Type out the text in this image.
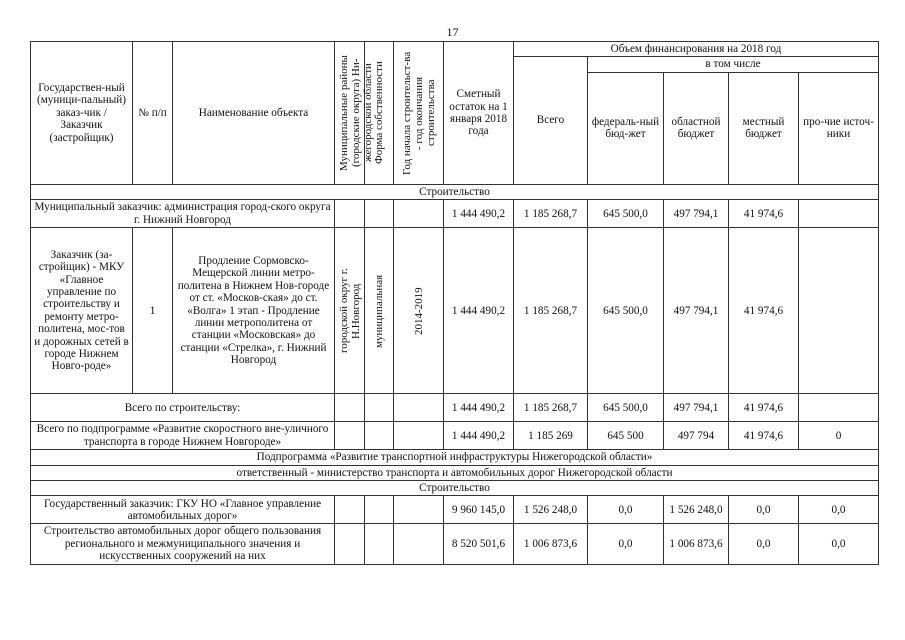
17
Государствен-ный (муници-пальный) заказ-чик / Заказчик (застройщик)	№ п/п	Наименование объекта	Муниципальные районы (городские округа) Ни-жегородской области	Форма собственности	Год начала строительст-ва - год окончания строительства	Сметный остаток на 1 января 2018 года	Объем финансирования на 2018 год				
							Всего	в том числе			
								федераль-ный бюд-жет	областной бюджет	местный бюджет	про-чие источ-ники
Строительство											
Муниципальный заказчик: администрация город-ского округа г. Нижний Новгород						1 444 490,2	1 185 268,7	645 500,0	497 794,1	41 974,6	
Заказчик (за-стройщик) - МКУ «Главное управление по строительству и ремонту метро-политена, мос-тов и дорожных сетей в городе Нижнем Новго-роде»	1	Продление Сормовско-Мещерской линии метро-политена в Нижнем Нов-городе от ст. «Москов-ская» до ст. «Волга» 1 этап - Продление линии метрополитена от станции «Московская» до станции «Стрелка», г. Нижний Новгород	городской округ г. Н.Новгород	муниципальная	2014-2019	1 444 490,2	1 185 268,7	645 500,0	497 794,1	41 974,6	
Всего по строительству:						1 444 490,2	1 185 268,7	645 500,0	497 794,1	41 974,6	
Всего по подпрограмме «Развитие скоростного вне-уличного транспорта в городе Нижнем Новгороде»						1 444 490,2	1 185 269	645 500	497 794	41 974,6	0
Подпрограмма «Развитие транспортной инфраструктуры Нижегородской области»											
ответственный - министерство транспорта и автомобильных дорог Нижегородской области											
Строительство											
Государственный заказчик: ГКУ НО «Главное управление автомобильных дорог»						9 960 145,0	1 526 248,0	0,0	1 526 248,0	0,0	0,0
Строительство автомобильных дорог общего пользования регионального и межмуниципального значения и искусственных сооружений на них						8 520 501,6	1 006 873,6	0,0	1 006 873,6	0,0	0,0
